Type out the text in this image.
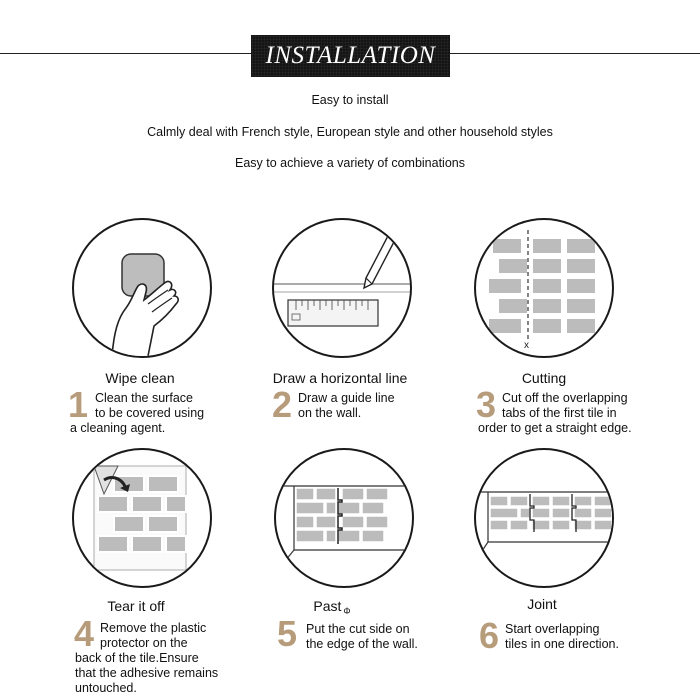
INSTALLATION
Easy to install
Calmly deal with French style, European style and other household styles
Easy to achieve a variety of combinations
Wipe clean
1 Clean the surface
to be covered using
a cleaning agent.
Draw a horizontal line
2 Draw a guide line
on the wall.
x
Cutting
3 Cut off the overlapping
tabs of the first tile in
order to get a straight edge.
Tear it off
4 Remove the plastic
protector on the
back of the tile.Ensure
that the adhesive remains
untouched.
Past $_\Phi$
5 Put the cut side on
the edge of the wall.
Joint
6 Start overlapping
tiles in one direction.
